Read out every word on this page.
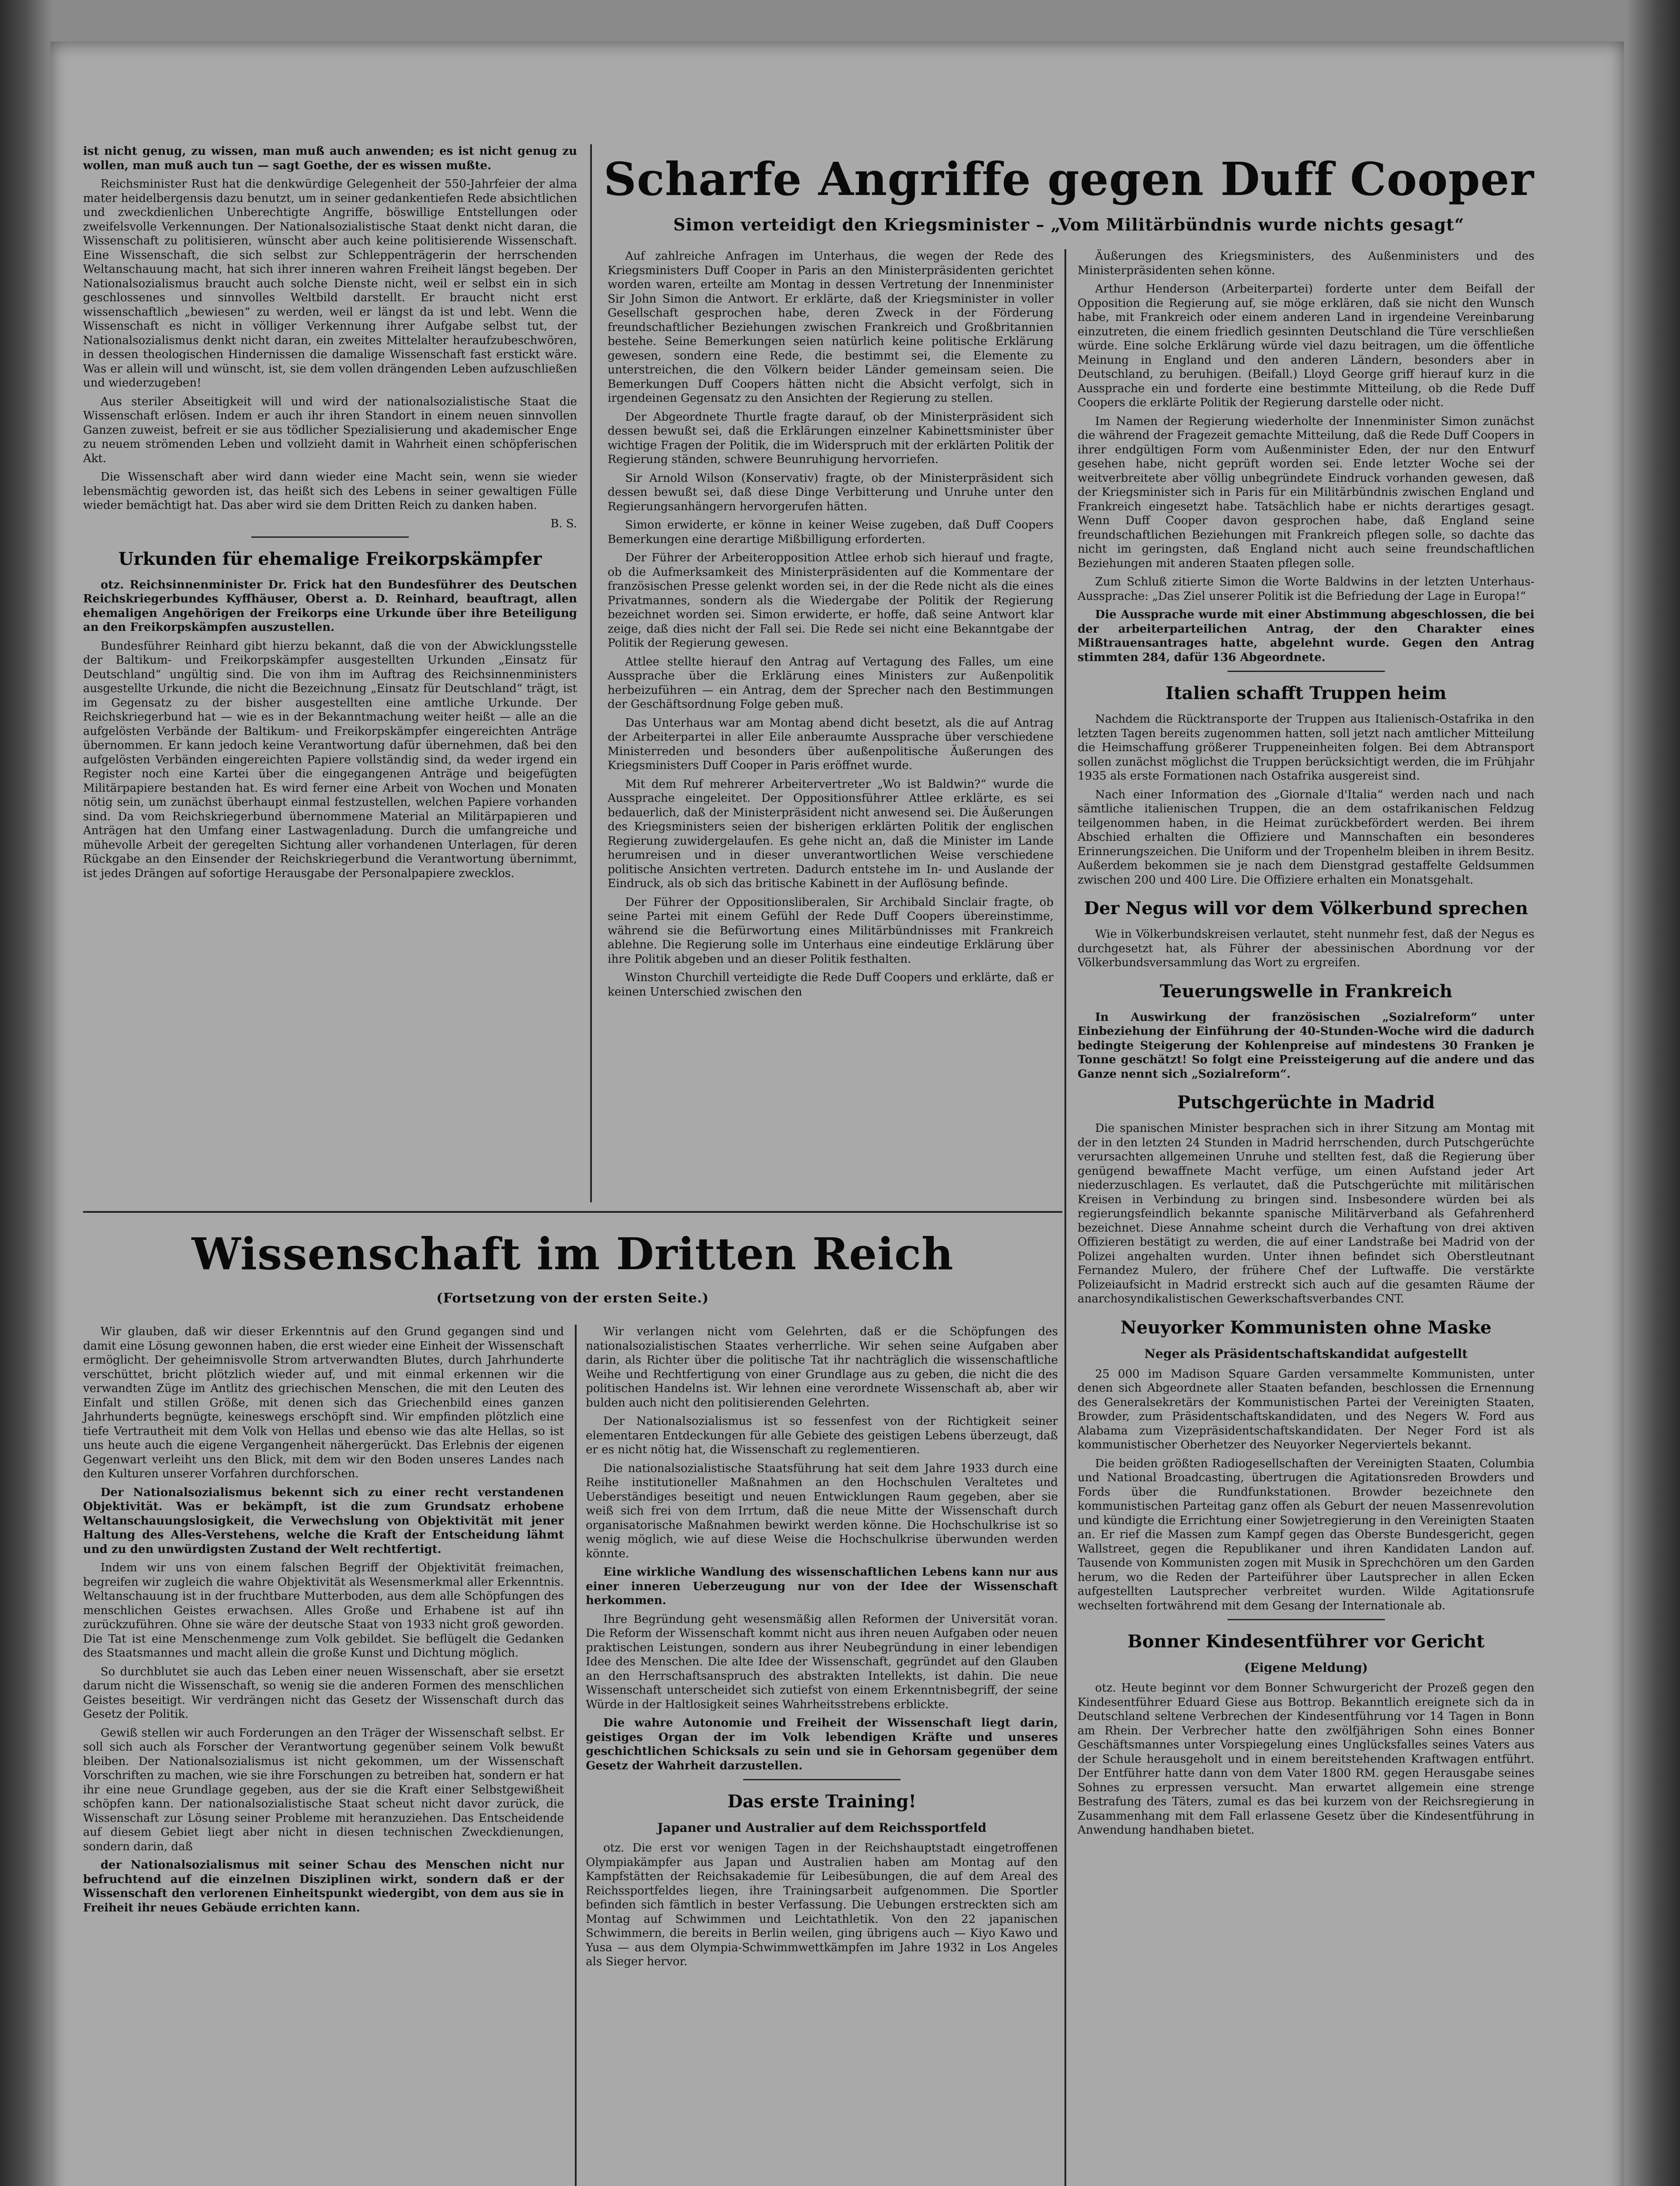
ist nicht genug, zu wissen, man muß auch anwenden; es ist nicht genug zu wollen, man muß auch tun — sagt Goethe, der es wissen mußte.

Reichsminister Rust hat die denkwürdige Gelegenheit der 550-Jahrfeier der alma mater heidelbergensis dazu benutzt, um in seiner gedankentiefen Rede absichtlichen und zweckdienlichen Unberechtigte Angriffe, böswillige Entstellungen oder zweifelsvolle Verkennungen. Der Nationalsozialistische Staat denkt nicht daran, die Wissenschaft zu politisieren, wünscht aber auch keine politisierende Wissenschaft. Eine Wissenschaft, die sich selbst zur Schleppenträgerin der herrschenden Weltanschauung macht, hat sich ihrer inneren wahren Freiheit längst begeben. Der Nationalsozialismus braucht auch solche Dienste nicht, weil er selbst ein in sich geschlossenes und sinnvolles Weltbild darstellt. Er braucht nicht erst wissenschaftlich „bewiesen“ zu werden, weil er längst da ist und lebt. Wenn die Wissenschaft es nicht in völliger Verkennung ihrer Aufgabe selbst tut, der Nationalsozialismus denkt nicht daran, ein zweites Mittelalter heraufzubeschwören, in dessen theologischen Hindernissen die damalige Wissenschaft fast erstickt wäre. Was er allein will und wünscht, ist, sie dem vollen drängenden Leben aufzuschließen und wiederzugeben!

Aus steriler Abseitigkeit will und wird der nationalsozialistische Staat die Wissenschaft erlösen. Indem er auch ihr ihren Standort in einem neuen sinnvollen Ganzen zuweist, befreit er sie aus tödlicher Spezialisierung und akademischer Enge zu neuem strömenden Leben und vollzieht damit in Wahrheit einen schöpferischen Akt.

Die Wissenschaft aber wird dann wieder eine Macht sein, wenn sie wieder lebensmächtig geworden ist, das heißt sich des Lebens in seiner gewaltigen Fülle wieder bemächtigt hat. Das aber wird sie dem Dritten Reich zu danken haben.

B. S.
Urkunden für ehemalige Freikorpskämpfer

otz. Reichsinnenminister Dr. Frick hat den Bundesführer des Deutschen Reichskriegerbundes Kyffhäuser, Oberst a. D. Reinhard, beauftragt, allen ehemaligen Angehörigen der Freikorps eine Urkunde über ihre Beteiligung an den Freikorpskämpfen auszustellen.

Bundesführer Reinhard gibt hierzu bekannt, daß die von der Abwicklungsstelle der Baltikum- und Freikorpskämpfer ausgestellten Urkunden „Einsatz für Deutschland“ ungültig sind. Die von ihm im Auftrag des Reichsinnenministers ausgestellte Urkunde, die nicht die Bezeichnung „Einsatz für Deutschland“ trägt, ist im Gegensatz zu der bisher ausgestellten eine amtliche Urkunde. Der Reichskriegerbund hat — wie es in der Bekanntmachung weiter heißt — alle an die aufgelösten Verbände der Baltikum- und Freikorpskämpfer eingereichten Anträge übernommen. Er kann jedoch keine Verantwortung dafür übernehmen, daß bei den aufgelösten Verbänden eingereichten Papiere vollständig sind, da weder irgend ein Register noch eine Kartei über die eingegangenen Anträge und beigefügten Militärpapiere bestanden hat. Es wird ferner eine Arbeit von Wochen und Monaten nötig sein, um zunächst überhaupt einmal festzustellen, welchen Papiere vorhanden sind. Da vom Reichskriegerbund übernommene Material an Militärpapieren und Anträgen hat den Umfang einer Lastwagenladung. Durch die umfangreiche und mühevolle Arbeit der geregelten Sichtung aller vorhandenen Unterlagen, für deren Rückgabe an den Einsender der Reichskriegerbund die Verantwortung übernimmt, ist jedes Drängen auf sofortige Herausgabe der Personalpapiere zwecklos.

Scharfe Angriffe gegen Duff Cooper
Simon verteidigt den Kriegsminister – „Vom Militärbündnis wurde nichts gesagt“

Auf zahlreiche Anfragen im Unterhaus, die wegen der Rede des Kriegsministers Duff Cooper in Paris an den Ministerpräsidenten gerichtet worden waren, erteilte am Montag in dessen Vertretung der Innenminister Sir John Simon die Antwort. Er erklärte, daß der Kriegsminister in voller Gesellschaft gesprochen habe, deren Zweck in der Förderung freundschaftlicher Beziehungen zwischen Frankreich und Großbritannien bestehe. Seine Bemerkungen seien natürlich keine politische Erklärung gewesen, sondern eine Rede, die bestimmt sei, die Elemente zu unterstreichen, die den Völkern beider Länder gemeinsam seien. Die Bemerkungen Duff Coopers hätten nicht die Absicht verfolgt, sich in irgendeinen Gegensatz zu den Ansichten der Regierung zu stellen.

Der Abgeordnete Thurtle fragte darauf, ob der Ministerpräsident sich dessen bewußt sei, daß die Erklärungen einzelner Kabinettsminister über wichtige Fragen der Politik, die im Widerspruch mit der erklärten Politik der Regierung ständen, schwere Beunruhigung hervorriefen.

Sir Arnold Wilson (Konservativ) fragte, ob der Ministerpräsident sich dessen bewußt sei, daß diese Dinge Verbitterung und Unruhe unter den Regierungsanhängern hervorgerufen hätten.

Simon erwiderte, er könne in keiner Weise zugeben, daß Duff Coopers Bemerkungen eine derartige Mißbilligung erforderten.

Der Führer der Arbeiteropposition Attlee erhob sich hierauf und fragte, ob die Aufmerksamkeit des Ministerpräsidenten auf die Kommentare der französischen Presse gelenkt worden sei, in der die Rede nicht als die eines Privatmannes, sondern als die Wiedergabe der Politik der Regierung bezeichnet worden sei. Simon erwiderte, er hoffe, daß seine Antwort klar zeige, daß dies nicht der Fall sei. Die Rede sei nicht eine Bekanntgabe der Politik der Regierung gewesen.

Attlee stellte hierauf den Antrag auf Vertagung des Falles, um eine Aussprache über die Erklärung eines Ministers zur Außenpolitik herbeizuführen — ein Antrag, dem der Sprecher nach den Bestimmungen der Geschäftsordnung Folge geben muß.

Das Unterhaus war am Montag abend dicht besetzt, als die auf Antrag der Arbeiterpartei in aller Eile anberaumte Aussprache über verschiedene Ministerreden und besonders über außenpolitische Äußerungen des Kriegsministers Duff Cooper in Paris eröffnet wurde.

Mit dem Ruf mehrerer Arbeitervertreter „Wo ist Baldwin?“ wurde die Aussprache eingeleitet. Der Oppositionsführer Attlee erklärte, es sei bedauerlich, daß der Ministerpräsident nicht anwesend sei. Die Äußerungen des Kriegsministers seien der bisherigen erklärten Politik der englischen Regierung zuwidergelaufen. Es gehe nicht an, daß die Minister im Lande herumreisen und in dieser unverantwortlichen Weise verschiedene politische Ansichten vertreten. Dadurch entstehe im In- und Auslande der Eindruck, als ob sich das britische Kabinett in der Auflösung befinde.

Der Führer der Oppositionsliberalen, Sir Archibald Sinclair fragte, ob seine Partei mit einem Gefühl der Rede Duff Coopers übereinstimme, während sie die Befürwortung eines Militärbündnisses mit Frankreich ablehne. Die Regierung solle im Unterhaus eine eindeutige Erklärung über ihre Politik abgeben und an dieser Politik festhalten.

Winston Churchill verteidigte die Rede Duff Coopers und erklärte, daß er keinen Unterschied zwischen den

Äußerungen des Kriegsministers, des Außenministers und des Ministerpräsidenten sehen könne.

Arthur Henderson (Arbeiterpartei) forderte unter dem Beifall der Opposition die Regierung auf, sie möge erklären, daß sie nicht den Wunsch habe, mit Frankreich oder einem anderen Land in irgendeine Vereinbarung einzutreten, die einem friedlich gesinnten Deutschland die Türe verschließen würde. Eine solche Erklärung würde viel dazu beitragen, um die öffentliche Meinung in England und den anderen Ländern, besonders aber in Deutschland, zu beruhigen. (Beifall.) Lloyd George griff hierauf kurz in die Aussprache ein und forderte eine bestimmte Mitteilung, ob die Rede Duff Coopers die erklärte Politik der Regierung darstelle oder nicht.

Im Namen der Regierung wiederholte der Innenminister Simon zunächst die während der Fragezeit gemachte Mitteilung, daß die Rede Duff Coopers in ihrer endgültigen Form vom Außenminister Eden, der nur den Entwurf gesehen habe, nicht geprüft worden sei. Ende letzter Woche sei der weitverbreitete aber völlig unbegründete Eindruck vorhanden gewesen, daß der Kriegsminister sich in Paris für ein Militärbündnis zwischen England und Frankreich eingesetzt habe. Tatsächlich habe er nichts derartiges gesagt. Wenn Duff Cooper davon gesprochen habe, daß England seine freundschaftlichen Beziehungen mit Frankreich pflegen solle, so dachte das nicht im geringsten, daß England nicht auch seine freundschaftlichen Beziehungen mit anderen Staaten pflegen solle.

Zum Schluß zitierte Simon die Worte Baldwins in der letzten Unterhaus-Aussprache: „Das Ziel unserer Politik ist die Befriedung der Lage in Europa!“

Die Aussprache wurde mit einer Abstimmung abgeschlossen, die bei der arbeiterparteilichen Antrag, der den Charakter eines Mißtrauensantrages hatte, abgelehnt wurde. Gegen den Antrag stimmten 284, dafür 136 Abgeordnete.

Italien schafft Truppen heim

Nachdem die Rücktransporte der Truppen aus Italienisch-Ostafrika in den letzten Tagen bereits zugenommen hatten, soll jetzt nach amtlicher Mitteilung die Heimschaffung größerer Truppeneinheiten folgen. Bei dem Abtransport sollen zunächst möglichst die Truppen berücksichtigt werden, die im Frühjahr 1935 als erste Formationen nach Ostafrika ausgereist sind.

Nach einer Information des „Giornale d'Italia“ werden nach und nach sämtliche italienischen Truppen, die an dem ostafrikanischen Feldzug teilgenommen haben, in die Heimat zurückbefördert werden. Bei ihrem Abschied erhalten die Offiziere und Mannschaften ein besonderes Erinnerungszeichen. Die Uniform und der Tropenhelm bleiben in ihrem Besitz. Außerdem bekommen sie je nach dem Dienstgrad gestaffelte Geldsummen zwischen 200 und 400 Lire. Die Offiziere erhalten ein Monatsgehalt.

Der Negus will vor dem Völkerbund sprechen

Wie in Völkerbundskreisen verlautet, steht nunmehr fest, daß der Negus es durchgesetzt hat, als Führer der abessinischen Abordnung vor der Völkerbundsversammlung das Wort zu ergreifen.

Teuerungswelle in Frankreich

In Auswirkung der französischen „Sozialreform“ unter Einbeziehung der Einführung der 40-Stunden-Woche wird die dadurch bedingte Steigerung der Kohlenpreise auf mindestens 30 Franken je Tonne geschätzt! So folgt eine Preissteigerung auf die andere und das Ganze nennt sich „Sozialreform“.

Putschgerüchte in Madrid

Die spanischen Minister besprachen sich in ihrer Sitzung am Montag mit der in den letzten 24 Stunden in Madrid herrschenden, durch Putschgerüchte verursachten allgemeinen Unruhe und stellten fest, daß die Regierung über genügend bewaffnete Macht verfüge, um einen Aufstand jeder Art niederzuschlagen. Es verlautet, daß die Putschgerüchte mit militärischen Kreisen in Verbindung zu bringen sind. Insbesondere würden bei als regierungsfeindlich bekannte spanische Militärverband als Gefahrenherd bezeichnet. Diese Annahme scheint durch die Verhaftung von drei aktiven Offizieren bestätigt zu werden, die auf einer Landstraße bei Madrid von der Polizei angehalten wurden. Unter ihnen befindet sich Oberstleutnant Fernandez Mulero, der frühere Chef der Luftwaffe. Die verstärkte Polizeiaufsicht in Madrid erstreckt sich auch auf die gesamten Räume der anarchosyndikalistischen Gewerkschaftsverbandes CNT.

Neuyorker Kommunisten ohne Maske
Neger als Präsidentschaftskandidat aufgestellt

25 000 im Madison Square Garden versammelte Kommunisten, unter denen sich Abgeordnete aller Staaten befanden, beschlossen die Ernennung des Generalsekretärs der Kommunistischen Partei der Vereinigten Staaten, Browder, zum Präsidentschaftskandidaten, und des Negers W. Ford aus Alabama zum Vizepräsidentschaftskandidaten. Der Neger Ford ist als kommunistischer Oberhetzer des Neuyorker Negerviertels bekannt.

Die beiden größten Radiogesellschaften der Vereinigten Staaten, Columbia und National Broadcasting, übertrugen die Agitationsreden Browders und Fords über die Rundfunkstationen. Browder bezeichnete den kommunistischen Parteitag ganz offen als Geburt der neuen Massenrevolution und kündigte die Errichtung einer Sowjetregierung in den Vereinigten Staaten an. Er rief die Massen zum Kampf gegen das Oberste Bundesgericht, gegen Wallstreet, gegen die Republikaner und ihren Kandidaten Landon auf. Tausende von Kommunisten zogen mit Musik in Sprechchören um den Garden herum, wo die Reden der Parteiführer über Lautsprecher in allen Ecken aufgestellten Lautsprecher verbreitet wurden. Wilde Agitationsrufe wechselten fortwährend mit dem Gesang der Internationale ab.

Bonner Kindesentführer vor Gericht
(Eigene Meldung)

otz. Heute beginnt vor dem Bonner Schwurgericht der Prozeß gegen den Kindesentführer Eduard Giese aus Bottrop. Bekanntlich ereignete sich da in Deutschland seltene Verbrechen der Kindesentführung vor 14 Tagen in Bonn am Rhein. Der Verbrecher hatte den zwölfjährigen Sohn eines Bonner Geschäftsmannes unter Vorspiegelung eines Unglücksfalles seines Vaters aus der Schule herausgeholt und in einem bereitstehenden Kraftwagen entführt. Der Entführer hatte dann von dem Vater 1800 RM. gegen Herausgabe seines Sohnes zu erpressen versucht. Man erwartet allgemein eine strenge Bestrafung des Täters, zumal es das bei kurzem von der Reichsregierung in Zusammenhang mit dem Fall erlassene Gesetz über die Kindesentführung in Anwendung handhaben bietet.

Wissenschaft im Dritten Reich
(Fortsetzung von der ersten Seite.)

Wir glauben, daß wir dieser Erkenntnis auf den Grund gegangen sind und damit eine Lösung gewonnen haben, die erst wieder eine Einheit der Wissenschaft ermöglicht. Der geheimnisvolle Strom artverwandten Blutes, durch Jahrhunderte verschüttet, bricht plötzlich wieder auf, und mit einmal erkennen wir die verwandten Züge im Antlitz des griechischen Menschen, die mit den Leuten des Einfalt und stillen Größe, mit denen sich das Griechenbild eines ganzen Jahrhunderts begnügte, keineswegs erschöpft sind. Wir empfinden plötzlich eine tiefe Vertrautheit mit dem Volk von Hellas und ebenso wie das alte Hellas, so ist uns heute auch die eigene Vergangenheit nähergerückt. Das Erlebnis der eigenen Gegenwart verleiht uns den Blick, mit dem wir den Boden unseres Landes nach den Kulturen unserer Vorfahren durchforschen.

Der Nationalsozialismus bekennt sich zu einer recht verstandenen Objektivität. Was er bekämpft, ist die zum Grundsatz erhobene Weltanschauungslosigkeit, die Verwechslung von Objektivität mit jener Haltung des Alles-Verstehens, welche die Kraft der Entscheidung lähmt und zu den unwürdigsten Zustand der Welt rechtfertigt.

Indem wir uns von einem falschen Begriff der Objektivität freimachen, begreifen wir zugleich die wahre Objektivität als Wesensmerkmal aller Erkenntnis. Weltanschauung ist in der fruchtbare Mutterboden, aus dem alle Schöpfungen des menschlichen Geistes erwachsen. Alles Große und Erhabene ist auf ihn zurückzuführen. Ohne sie wäre der deutsche Staat von 1933 nicht groß geworden. Die Tat ist eine Menschenmenge zum Volk gebildet. Sie beflügelt die Gedanken des Staatsmannes und macht allein die große Kunst und Dichtung möglich.

So durchblutet sie auch das Leben einer neuen Wissenschaft, aber sie ersetzt darum nicht die Wissenschaft, so wenig sie die anderen Formen des menschlichen Geistes beseitigt. Wir verdrängen nicht das Gesetz der Wissenschaft durch das Gesetz der Politik.

Gewiß stellen wir auch Forderungen an den Träger der Wissenschaft selbst. Er soll sich auch als Forscher der Verantwortung gegenüber seinem Volk bewußt bleiben. Der Nationalsozialismus ist nicht gekommen, um der Wissenschaft Vorschriften zu machen, wie sie ihre Forschungen zu betreiben hat, sondern er hat ihr eine neue Grundlage gegeben, aus der sie die Kraft einer Selbstgewißheit schöpfen kann. Der nationalsozialistische Staat scheut nicht davor zurück, die Wissenschaft zur Lösung seiner Probleme mit heranzuziehen. Das Entscheidende auf diesem Gebiet liegt aber nicht in diesen technischen Zweckdienungen, sondern darin, daß

der Nationalsozialismus mit seiner Schau des Menschen nicht nur befruchtend auf die einzelnen Disziplinen wirkt, sondern daß er der Wissenschaft den verlorenen Einheitspunkt wiedergibt, von dem aus sie in Freiheit ihr neues Gebäude errichten kann.

Wir verlangen nicht vom Gelehrten, daß er die Schöpfungen des nationalsozialistischen Staates verherrliche. Wir sehen seine Aufgaben aber darin, als Richter über die politische Tat ihr nachträglich die wissenschaftliche Weihe und Rechtfertigung von einer Grundlage aus zu geben, die nicht die des politischen Handelns ist. Wir lehnen eine verordnete Wissenschaft ab, aber wir bulden auch nicht den politisierenden Gelehrten.

Der Nationalsozialismus ist so fessenfest von der Richtigkeit seiner elementaren Entdeckungen für alle Gebiete des geistigen Lebens überzeugt, daß er es nicht nötig hat, die Wissenschaft zu reglementieren.

Die nationalsozialistische Staatsführung hat seit dem Jahre 1933 durch eine Reihe institutioneller Maßnahmen an den Hochschulen Veraltetes und Ueberständiges beseitigt und neuen Entwicklungen Raum gegeben, aber sie weiß sich frei von dem Irrtum, daß die neue Mitte der Wissenschaft durch organisatorische Maßnahmen bewirkt werden könne. Die Hochschulkrise ist so wenig möglich, wie auf diese Weise die Hochschulkrise überwunden werden könnte.

Eine wirkliche Wandlung des wissenschaftlichen Lebens kann nur aus einer inneren Ueberzeugung nur von der Idee der Wissenschaft herkommen.

Ihre Begründung geht wesensmäßig allen Reformen der Universität voran. Die Reform der Wissenschaft kommt nicht aus ihren neuen Aufgaben oder neuen praktischen Leistungen, sondern aus ihrer Neubegründung in einer lebendigen Idee des Menschen. Die alte Idee der Wissenschaft, gegründet auf den Glauben an den Herrschaftsanspruch des abstrakten Intellekts, ist dahin. Die neue Wissenschaft unterscheidet sich zutiefst von einem Erkenntnisbegriff, der seine Würde in der Haltlosigkeit seines Wahrheitsstrebens erblickte.

Die wahre Autonomie und Freiheit der Wissenschaft liegt darin, geistiges Organ der im Volk lebendigen Kräfte und unseres geschichtlichen Schicksals zu sein und sie in Gehorsam gegenüber dem Gesetz der Wahrheit darzustellen.

Das erste Training!
Japaner und Australier auf dem Reichssportfeld

otz. Die erst vor wenigen Tagen in der Reichshauptstadt eingetroffenen Olympiakämpfer aus Japan und Australien haben am Montag auf den Kampfstätten der Reichsakademie für Leibesübungen, die auf dem Areal des Reichssportfeldes liegen, ihre Trainingsarbeit aufgenommen. Die Sportler befinden sich fämtlich in bester Verfassung. Die Uebungen erstreckten sich am Montag auf Schwimmen und Leichtathletik. Von den 22 japanischen Schwimmern, die bereits in Berlin weilen, ging übrigens auch — Kiyo Kawo und Yusa — aus dem Olympia-Schwimmwettkämpfen im Jahre 1932 in Los Angeles als Sieger hervor.
